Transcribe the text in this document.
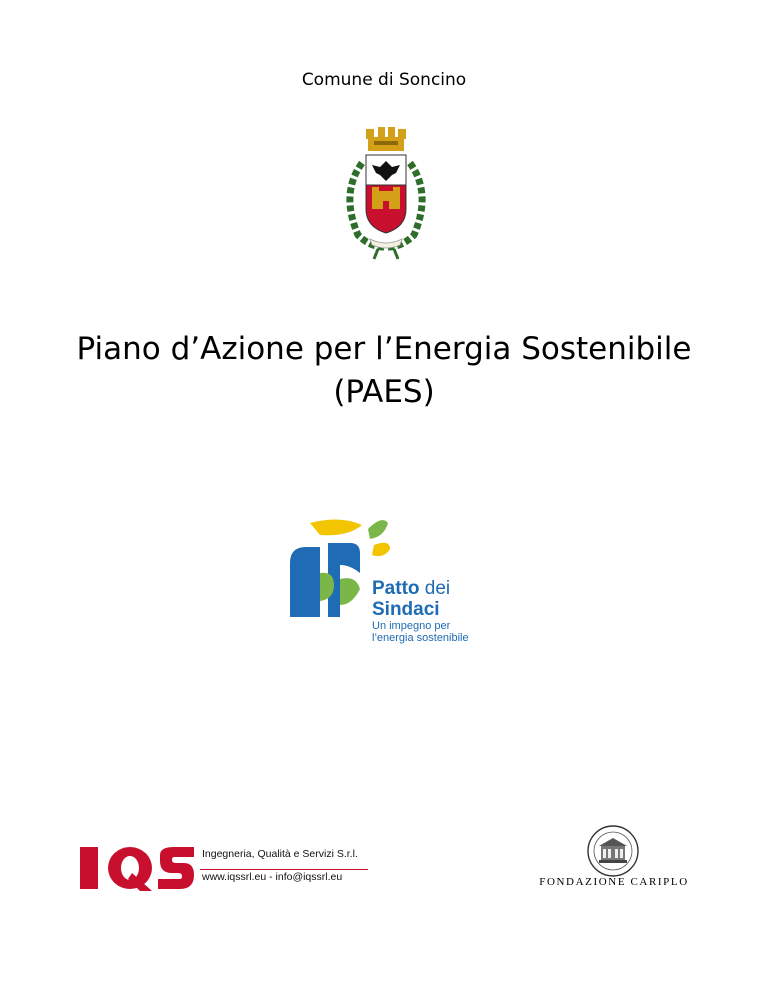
Comune di Soncino
Piano d’Azione per l’Energia Sostenibile
(PAES)
Patto dei
Sindaci
Un impegno per
l’energia sostenibile
Ingegneria, Qualità e Servizi S.r.l.
www.iqssrl.eu - info@iqssrl.eu	FONDAZIONE CARIPLO
